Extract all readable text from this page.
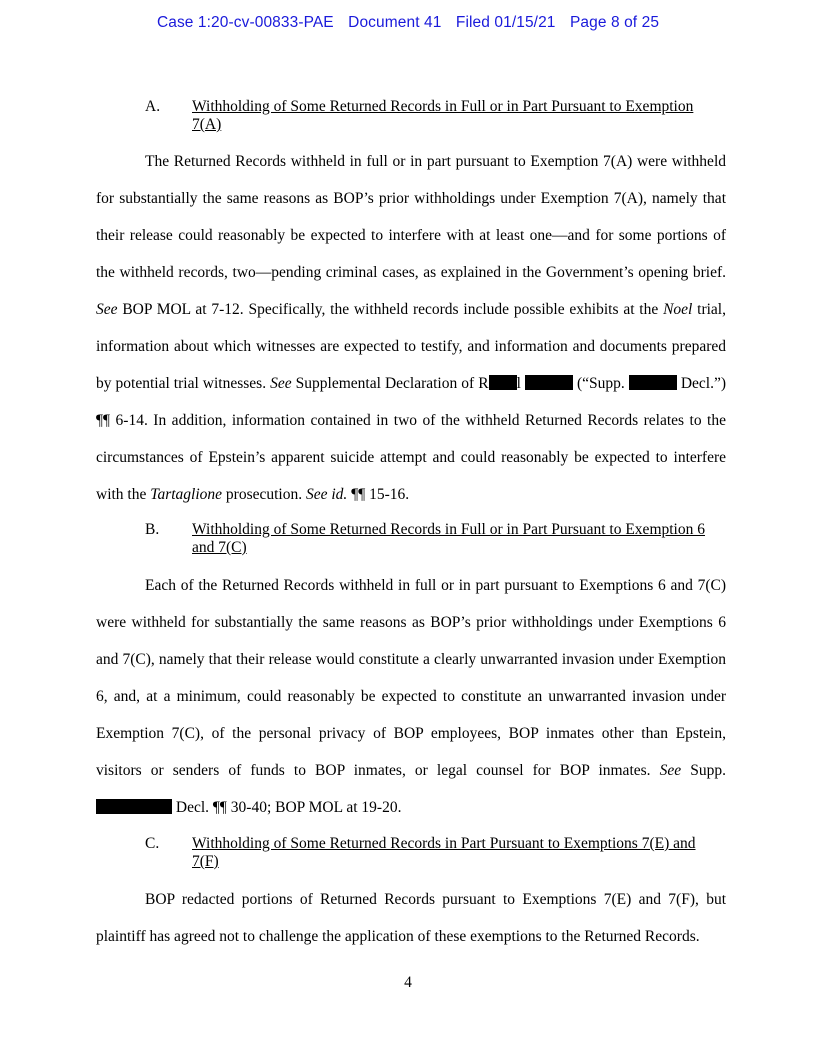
Case 1:20-cv-00833-PAE Document 41 Filed 01/15/21 Page 8 of 25
A. Withholding of Some Returned Records in Full or in Part Pursuant to Exemption 7(A)

The Returned Records withheld in full or in part pursuant to Exemption 7(A) were withheld for substantially the same reasons as BOP’s prior withholdings under Exemption 7(A), namely that their release could reasonably be expected to interfere with at least one—and for some portions of the withheld records, two—pending criminal cases, as explained in the Government’s opening brief. See BOP MOL at 7-12. Specifically, the withheld records include possible exhibits at the Noel trial, information about which witnesses are expected to testify, and information and documents prepared by potential trial witnesses. See Supplemental Declaration of R l	(“Supp.	Decl.”) ¶¶ 6-14. In addition, information contained in two of the withheld Returned Records relates to the circumstances of Epstein’s apparent suicide attempt and could reasonably be expected to interfere with the Tartaglione prosecution. See id. ¶¶ 15-16.

B. Withholding of Some Returned Records in Full or in Part Pursuant to Exemption 6 and 7(C)

Each of the Returned Records withheld in full or in part pursuant to Exemptions 6 and 7(C) were withheld for substantially the same reasons as BOP’s prior withholdings under Exemptions 6 and 7(C), namely that their release would constitute a clearly unwarranted invasion under Exemption 6, and, at a minimum, could reasonably be expected to constitute an unwarranted invasion under Exemption 7(C), of the personal privacy of BOP employees, BOP inmates other than Epstein, visitors or senders of funds to BOP inmates, or legal counsel for BOP inmates. See Supp.  Decl. ¶¶ 30-40; BOP MOL at 19-20.

C. Withholding of Some Returned Records in Part Pursuant to Exemptions 7(E) and 7(F)

BOP redacted portions of Returned Records pursuant to Exemptions 7(E) and 7(F), but plaintiff has agreed not to challenge the application of these exemptions to the Returned Records.

4
